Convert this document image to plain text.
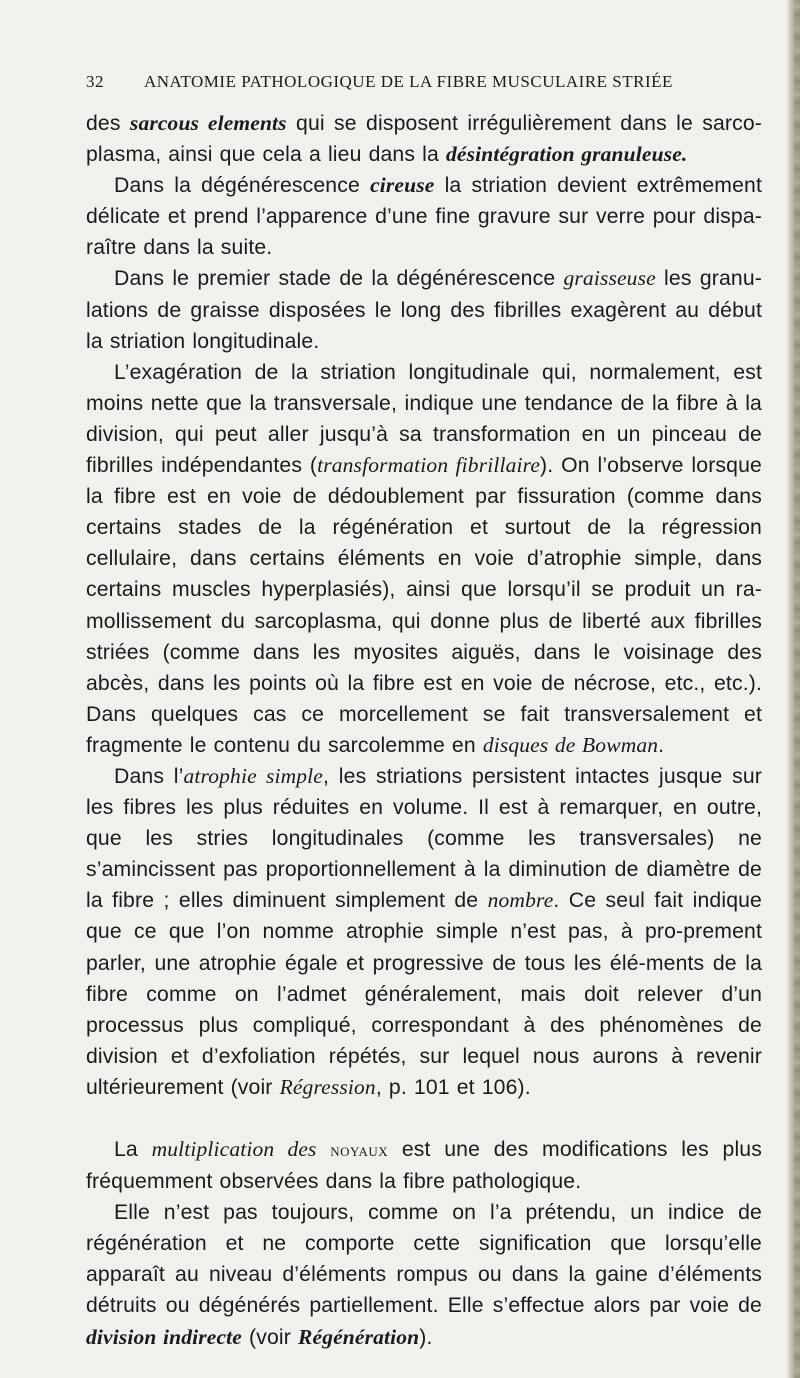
32 ANATOMIE PATHOLOGIQUE DE LA FIBRE MUSCULAIRE STRIÉE

des sarcous elements qui se disposent irrégulièrement dans le sarco-plasma, ainsi que cela a lieu dans la désintégration granuleuse.

Dans la dégénérescence cireuse la striation devient extrêmement délicate et prend l’apparence d’une fine gravure sur verre pour dispa-raître dans la suite.

Dans le premier stade de la dégénérescence graisseuse les granu-lations de graisse disposées le long des fibrilles exagèrent au début la striation longitudinale.

L’exagération de la striation longitudinale qui, normalement, est moins nette que la transversale, indique une tendance de la fibre à la division, qui peut aller jusqu’à sa transformation en un pinceau de fibrilles indépendantes (transformation fibrillaire). On l’observe lorsque la fibre est en voie de dédoublement par fissuration (comme dans certains stades de la régénération et surtout de la régression cellulaire, dans certains éléments en voie d’atrophie simple, dans certains muscles hyperplasiés), ainsi que lorsqu’il se produit un ra-mollissement du sarcoplasma, qui donne plus de liberté aux fibrilles striées (comme dans les myosites aiguës, dans le voisinage des abcès, dans les points où la fibre est en voie de nécrose, etc., etc.). Dans quelques cas ce morcellement se fait transversalement et fragmente le contenu du sarcolemme en disques de Bowman.

Dans l’atrophie simple, les striations persistent intactes jusque sur les fibres les plus réduites en volume. Il est à remarquer, en outre, que les stries longitudinales (comme les transversales) ne s’amincissent pas proportionnellement à la diminution de diamètre de la fibre ; elles diminuent simplement de nombre. Ce seul fait indique que ce que l’on nomme atrophie simple n’est pas, à pro-prement parler, une atrophie égale et progressive de tous les élé-ments de la fibre comme on l’admet généralement, mais doit relever d’un processus plus compliqué, correspondant à des phénomènes de division et d’exfoliation répétés, sur lequel nous aurons à revenir ultérieurement (voir Régression, p. 101 et 106).

La multiplication des noyaux est une des modifications les plus fréquemment observées dans la fibre pathologique.

Elle n’est pas toujours, comme on l’a prétendu, un indice de régénération et ne comporte cette signification que lorsqu’elle apparaît au niveau d’éléments rompus ou dans la gaine d’éléments détruits ou dégénérés partiellement. Elle s’effectue alors par voie de division indirecte (voir Régénération).
